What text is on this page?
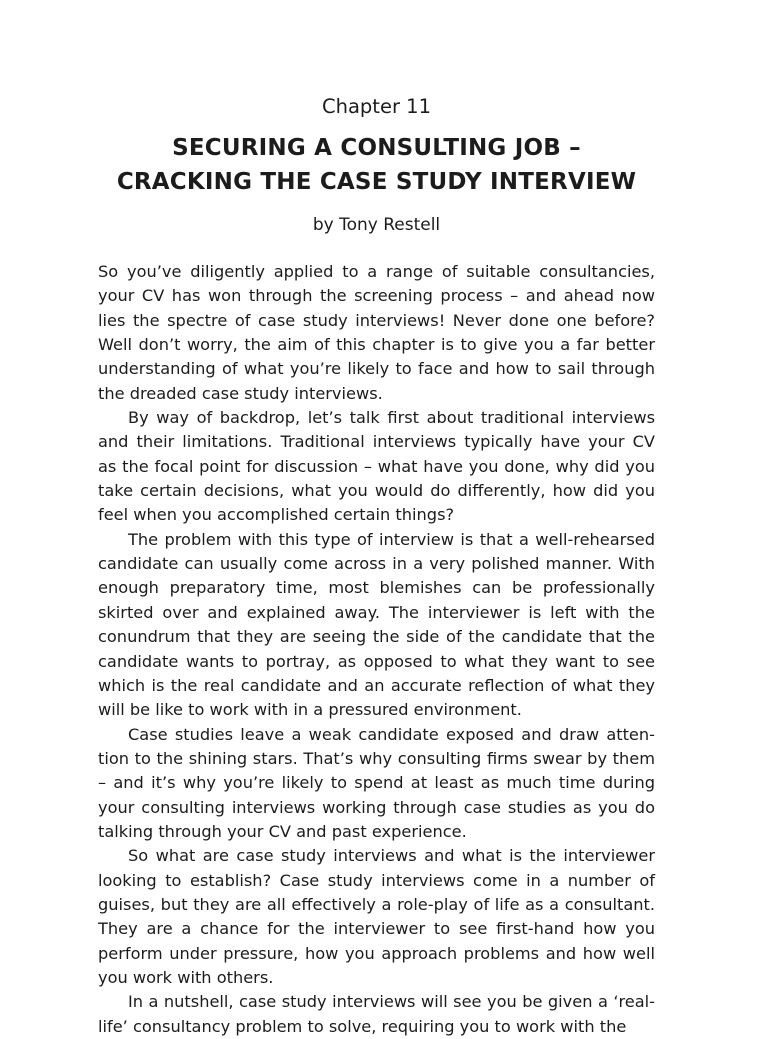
Chapter 11
SECURING A CONSULTING JOB –
CRACKING THE CASE STUDY INTERVIEW
by Tony Restell

So you’ve diligently applied to a range of suitable consultancies, your CV has won through the screening process – and ahead now lies the spectre of case study interviews! Never done one before? Well don’t worry, the aim of this chapter is to give you a far better understanding of what you’re likely to face and how to sail through the dreaded case study interviews.

By way of backdrop, let’s talk first about traditional interviews and their limitations. Traditional interviews typically have your CV as the focal point for discussion – what have you done, why did you take certain decisions, what you would do differently, how did you feel when you accomplished certain things?

The problem with this type of interview is that a well-rehearsed candidate can usually come across in a very polished manner. With enough preparatory time, most blemishes can be professionally skirted over and explained away. The interviewer is left with the conundrum that they are seeing the side of the candidate that the candidate wants to portray, as opposed to what they want to see which is the real candidate and an accurate reflection of what they will be like to work with in a pressured environment.

Case studies leave a weak candidate exposed and draw attention to the shining stars. That’s why consulting firms swear by them – and it’s why you’re likely to spend at least as much time during your consulting interviews working through case studies as you do talking through your CV and past experience.

So what are case study interviews and what is the interviewer looking to establish? Case study interviews come in a number of guises, but they are all effectively a role-play of life as a consultant. They are a chance for the interviewer to see first-hand how you perform under pressure, how you approach problems and how well you work with others.

In a nutshell, case study interviews will see you be given a ‘real-life’ consultancy problem to solve, requiring you to work with the
